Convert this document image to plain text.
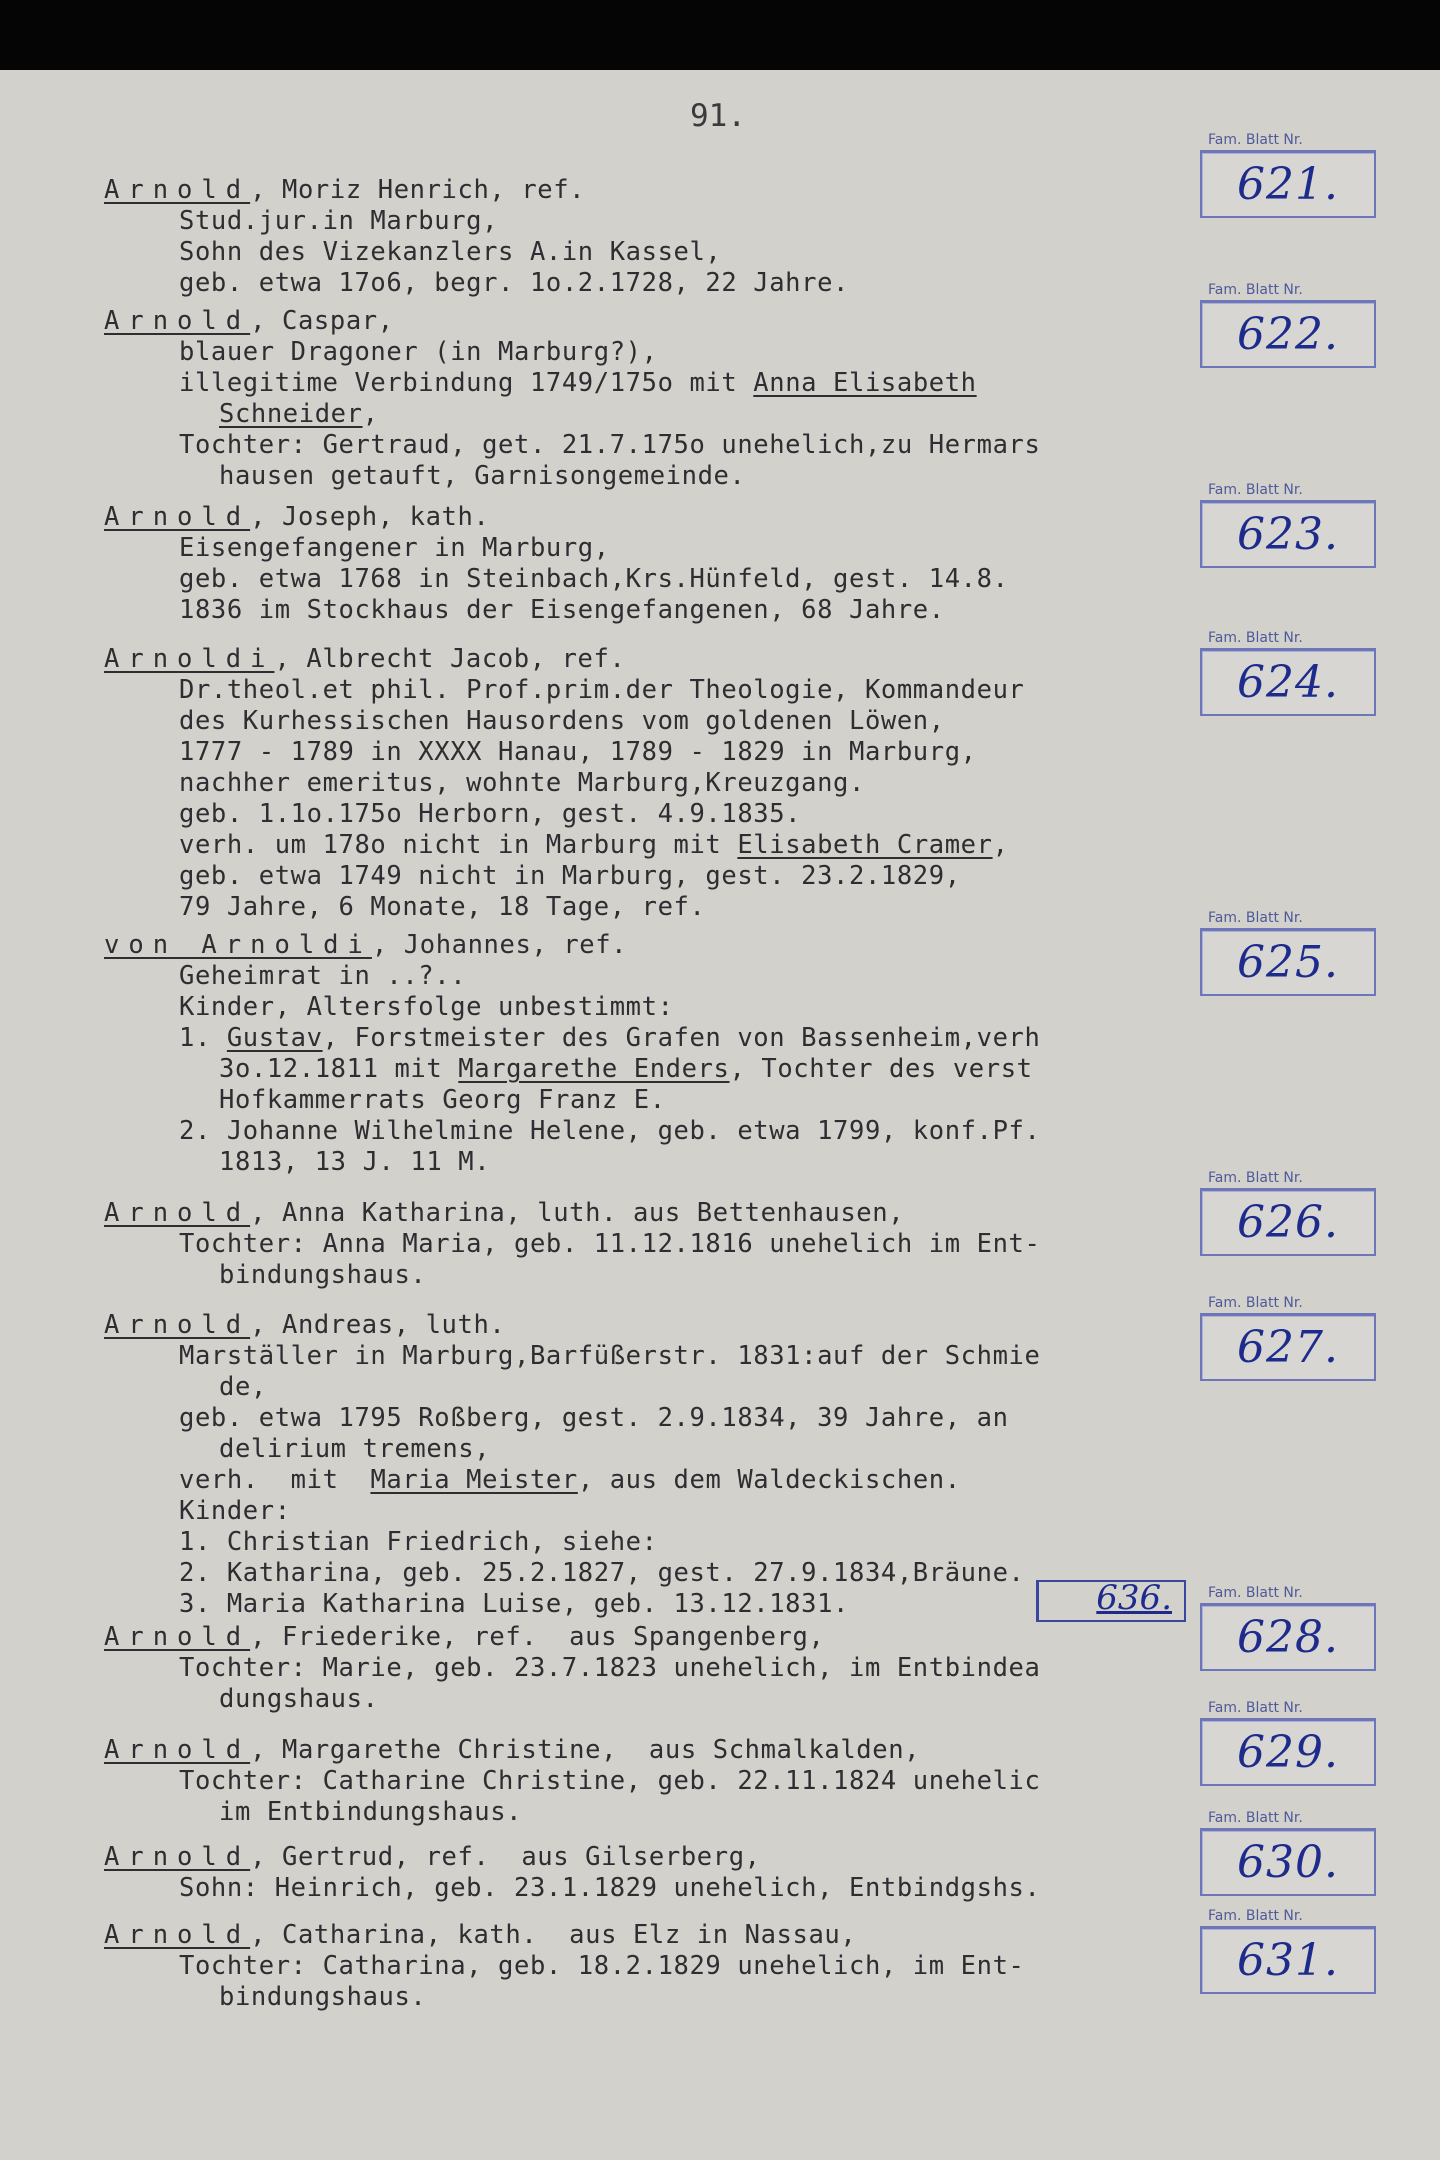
91.
Arnold, Moriz Henrich, ref.
Stud.jur.in Marburg,
Sohn des Vizekanzlers A.in Kassel,
geb. etwa 17o6, begr. 1o.2.1728, 22 Jahre.
Arnold, Caspar,
blauer Dragoner (in Marburg?),
illegitime Verbindung 1749/175o mit Anna Elisabeth
Schneider,
Tochter: Gertraud, get. 21.7.175o unehelich,zu Hermars
hausen getauft, Garnisongemeinde.
Arnold, Joseph, kath.
Eisengefangener in Marburg,
geb. etwa 1768 in Steinbach,Krs.Hünfeld, gest. 14.8.
1836 im Stockhaus der Eisengefangenen, 68 Jahre.
Arnoldi, Albrecht Jacob, ref.
Dr.theol.et phil. Prof.prim.der Theologie, Kommandeur
des Kurhessischen Hausordens vom goldenen Löwen,
1777 - 1789 in XXXX Hanau, 1789 - 1829 in Marburg,
nachher emeritus, wohnte Marburg,Kreuzgang.
geb. 1.1o.175o Herborn, gest. 4.9.1835.
verh. um 178o nicht in Marburg mit Elisabeth Cramer,
geb. etwa 1749 nicht in Marburg, gest. 23.2.1829,
79 Jahre, 6 Monate, 18 Tage, ref.
von Arnoldi, Johannes, ref.
Geheimrat in ..?..
Kinder, Altersfolge unbestimmt:
1. Gustav, Forstmeister des Grafen von Bassenheim,verh
3o.12.1811 mit Margarethe Enders, Tochter des verst
Hofkammerrats Georg Franz E.
2. Johanne Wilhelmine Helene, geb. etwa 1799, konf.Pf.
1813, 13 J. 11 M.
Arnold, Anna Katharina, luth. aus Bettenhausen,
Tochter: Anna Maria, geb. 11.12.1816 unehelich im Ent-
bindungshaus.
Arnold, Andreas, luth.
Marställer in Marburg,Barfüßerstr. 1831:auf der Schmie
de,
geb. etwa 1795 Roßberg, gest. 2.9.1834, 39 Jahre, an
delirium tremens,
verh.  mit  Maria Meister, aus dem Waldeckischen.
Kinder:
1. Christian Friedrich, siehe:
2. Katharina, geb. 25.2.1827, gest. 27.9.1834,Bräune.
3. Maria Katharina Luise, geb. 13.12.1831.
Arnold, Friederike, ref.  aus Spangenberg,
Tochter: Marie, geb. 23.7.1823 unehelich, im Entbindea
dungshaus.
Arnold, Margarethe Christine,  aus Schmalkalden,
Tochter: Catharine Christine, geb. 22.11.1824 unehelic
im Entbindungshaus.
Arnold, Gertrud, ref.  aus Gilserberg,
Sohn: Heinrich, geb. 23.1.1829 unehelich, Entbindgshs.
Arnold, Catharina, kath.  aus Elz in Nassau,
Tochter: Catharina, geb. 18.2.1829 unehelich, im Ent-
bindungshaus.
636.
Fam. Blatt Nr.
621.
Fam. Blatt Nr.
622.
Fam. Blatt Nr.
623.
Fam. Blatt Nr.
624.
Fam. Blatt Nr.
625.
Fam. Blatt Nr.
626.
Fam. Blatt Nr.
627.
Fam. Blatt Nr.
628.
Fam. Blatt Nr.
629.
Fam. Blatt Nr.
630.
Fam. Blatt Nr.
631.
